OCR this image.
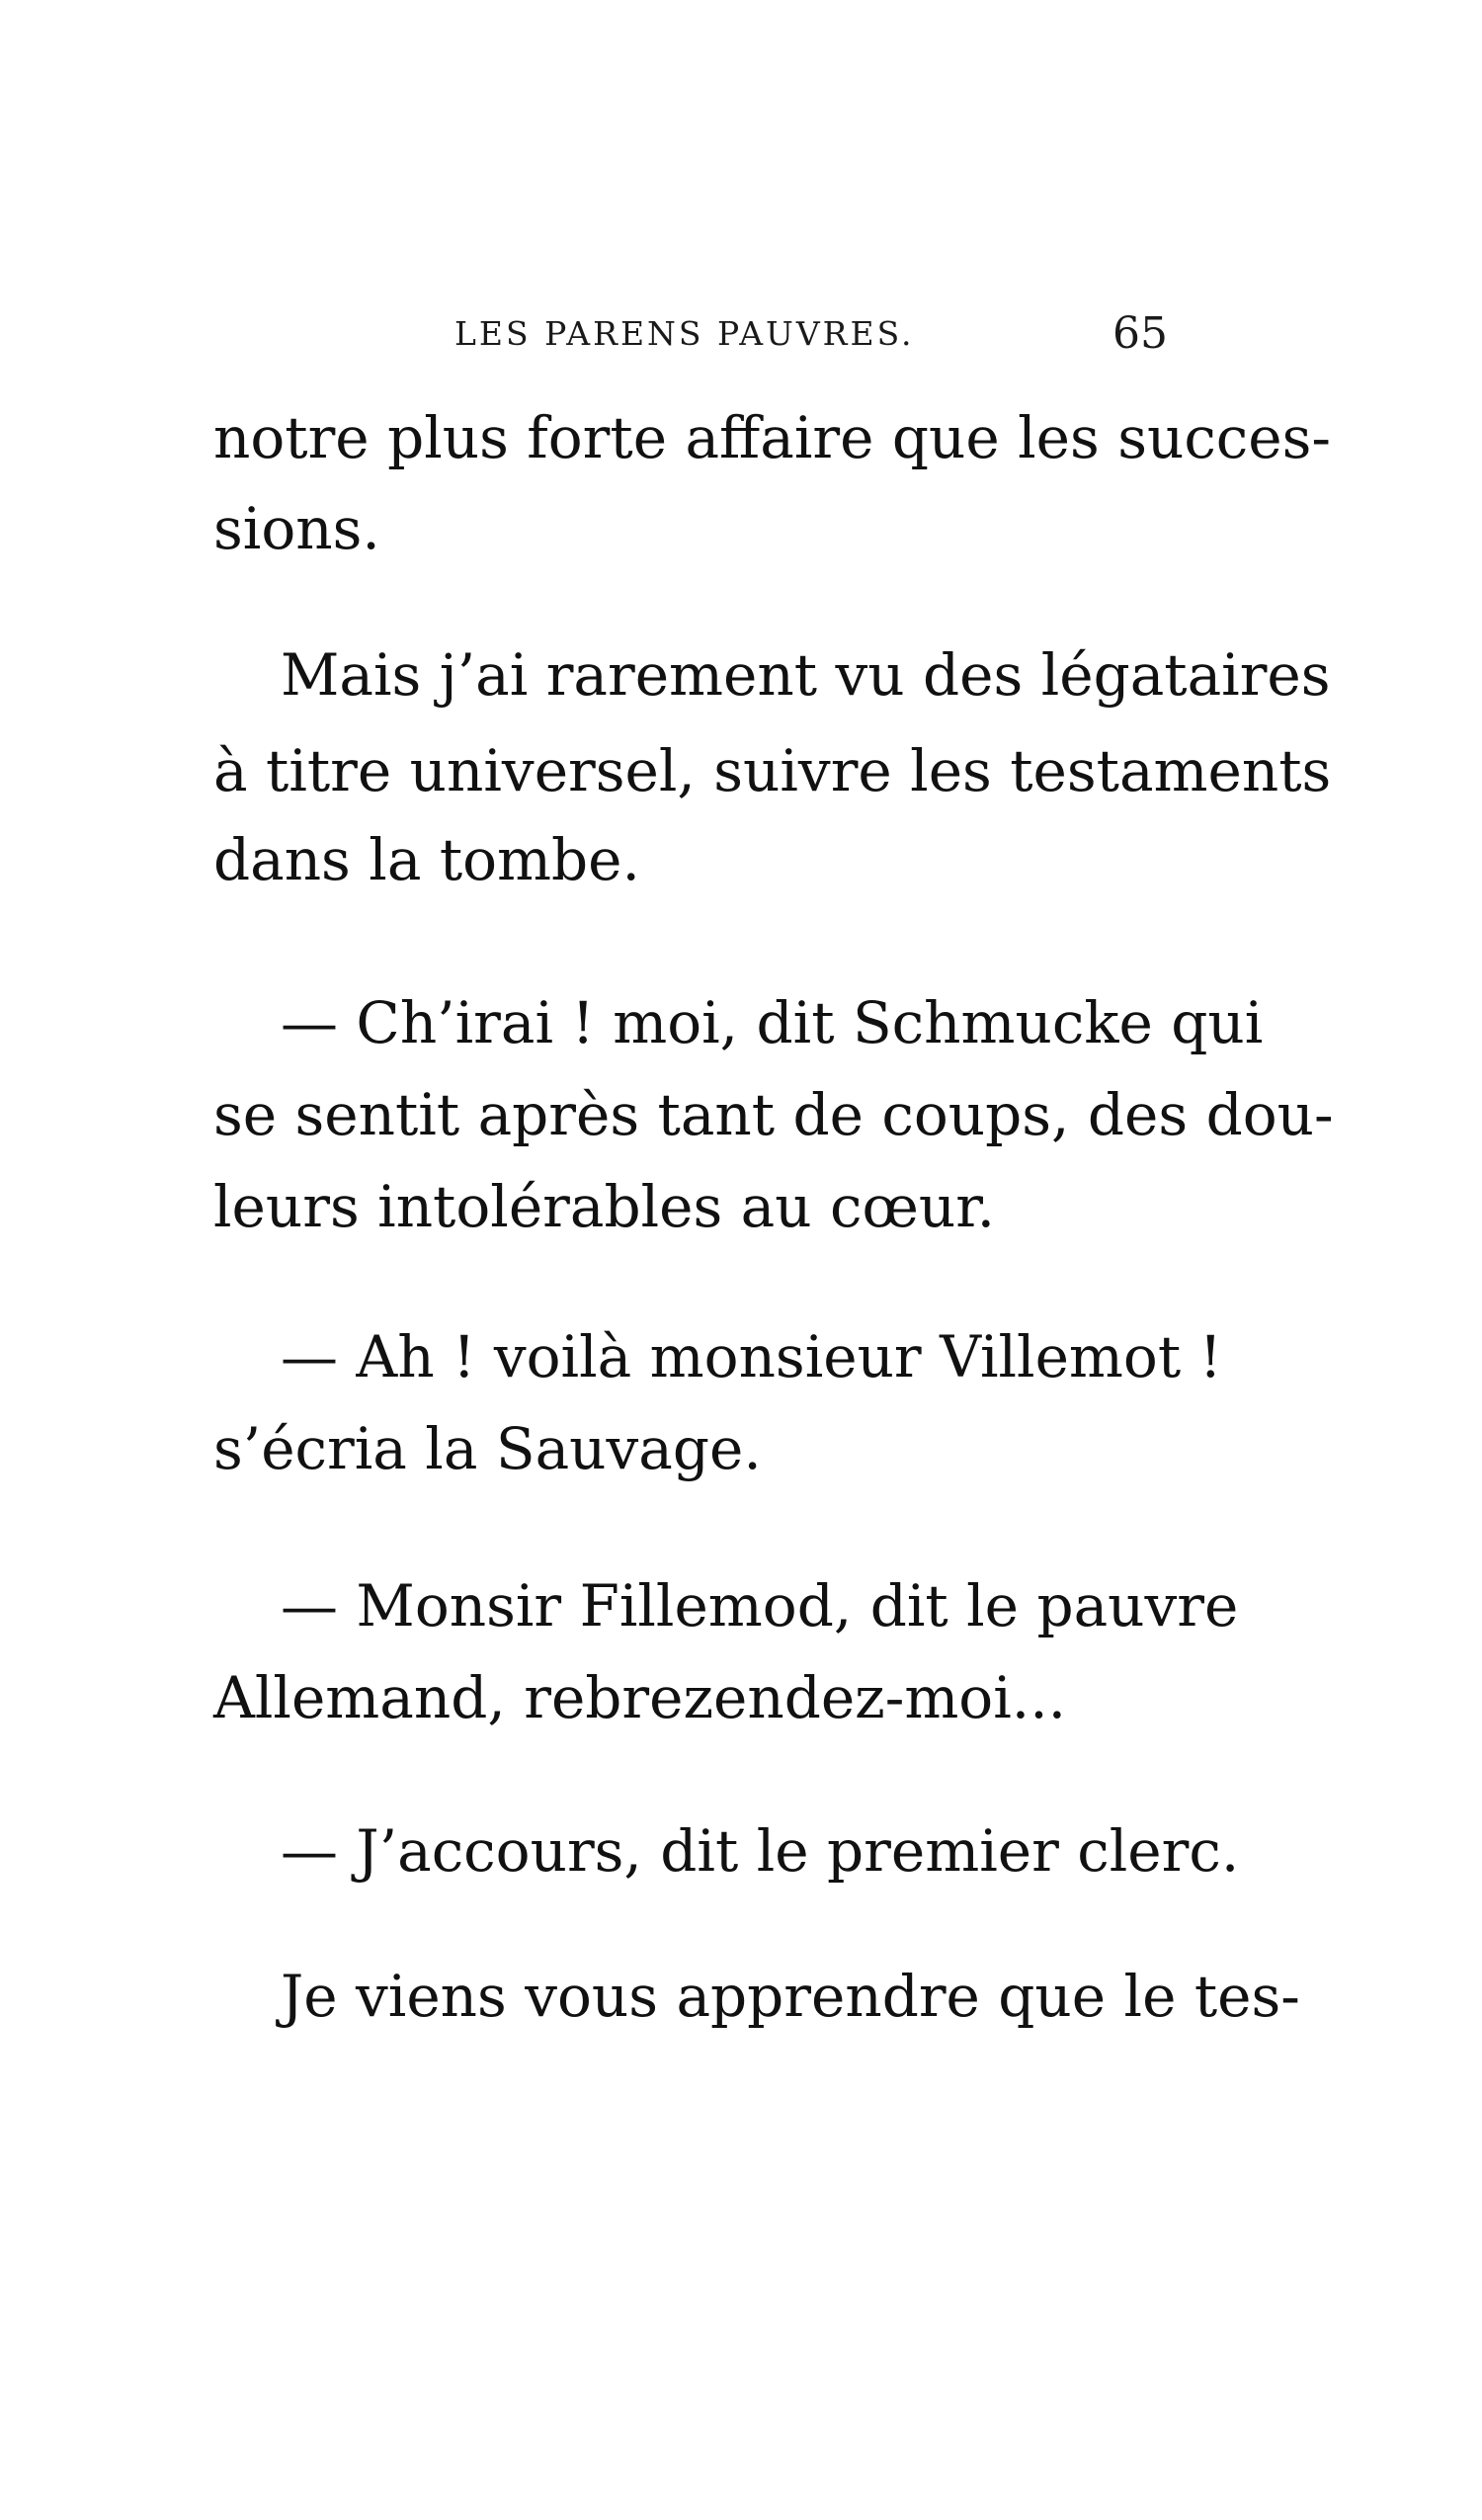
LES PARENS PAUVRES.	65
notre plus forte affaire que les succes-
sions.
Mais j’ai rarement vu des légataires
à titre universel, suivre les testaments
dans la tombe.
— Ch’irai ! moi, dit Schmucke qui
se sentit après tant de coups, des dou-
leurs intolérables au cœur.
— Ah ! voilà monsieur Villemot !
s’écria la Sauvage.
— Monsir Fillemod, dit le pauvre
Allemand, rebrezendez-moi...
— J’accours, dit le premier clerc.
Je viens vous apprendre que le tes-
